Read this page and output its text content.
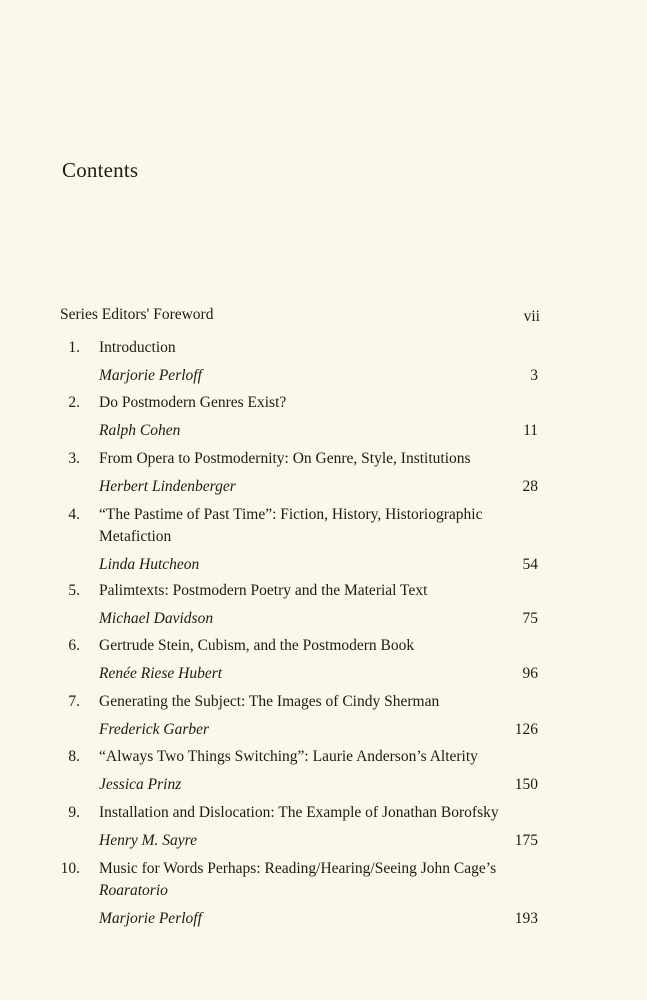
Contents
Series Editors' Foreword	vii
1. Introduction
Marjorie Perloff	3
2. Do Postmodern Genres Exist?
Ralph Cohen	11
3. From Opera to Postmodernity: On Genre, Style, Institutions
Herbert Lindenberger	28
4. “The Pastime of Past Time”: Fiction, History, Historiographic Metafiction
Linda Hutcheon	54
5. Palimtexts: Postmodern Poetry and the Material Text
Michael Davidson	75
6. Gertrude Stein, Cubism, and the Postmodern Book
Renée Riese Hubert	96
7. Generating the Subject: The Images of Cindy Sherman
Frederick Garber	126
8. “Always Two Things Switching”: Laurie Anderson’s Alterity
Jessica Prinz	150
9. Installation and Dislocation: The Example of Jonathan Borofsky
Henry M. Sayre	175
10. Music for Words Perhaps: Reading/Hearing/Seeing John Cage’s
Roaratorio
Marjorie Perloff	193
